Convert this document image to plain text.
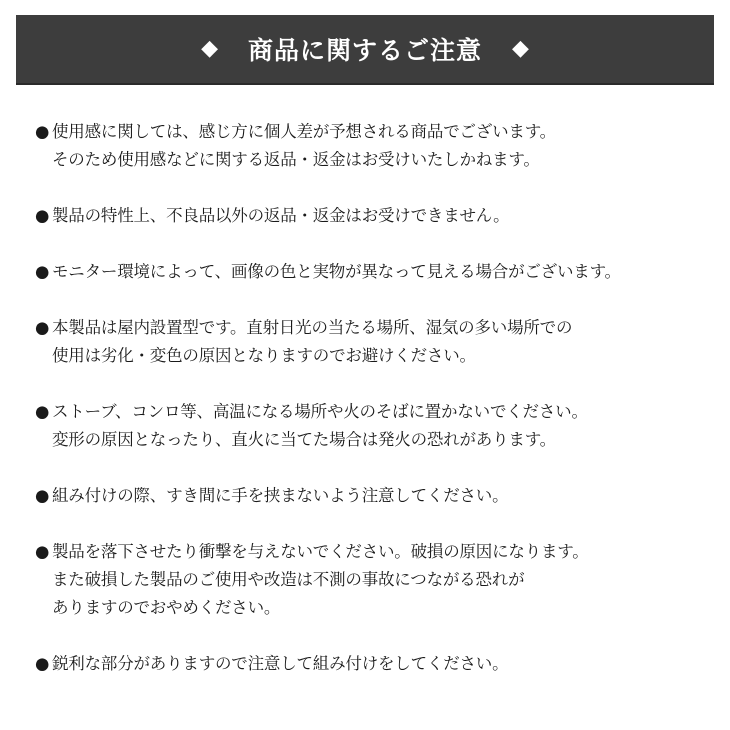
◆ 商品に関するご注意 ◆

● 使用感に関しては、感じ方に個人差が予想される商品でございます。

そのため使用感などに関する返品・返金はお受けいたしかねます。

● 製品の特性上、不良品以外の返品・返金はお受けできません。

● モニター環境によって、画像の色と実物が異なって見える場合がございます。

● 本製品は屋内設置型です。直射日光の当たる場所、湿気の多い場所での

使用は劣化・変色の原因となりますのでお避けください。

● ストーブ、コンロ等、高温になる場所や火のそばに置かないでください。

変形の原因となったり、直火に当てた場合は発火の恐れがあります。

● 組み付けの際、すき間に手を挟まないよう注意してください。

● 製品を落下させたり衝撃を与えないでください。破損の原因になります。

また破損した製品のご使用や改造は不測の事故につながる恐れが

ありますのでおやめください。

● 鋭利な部分がありますので注意して組み付けをしてください。
